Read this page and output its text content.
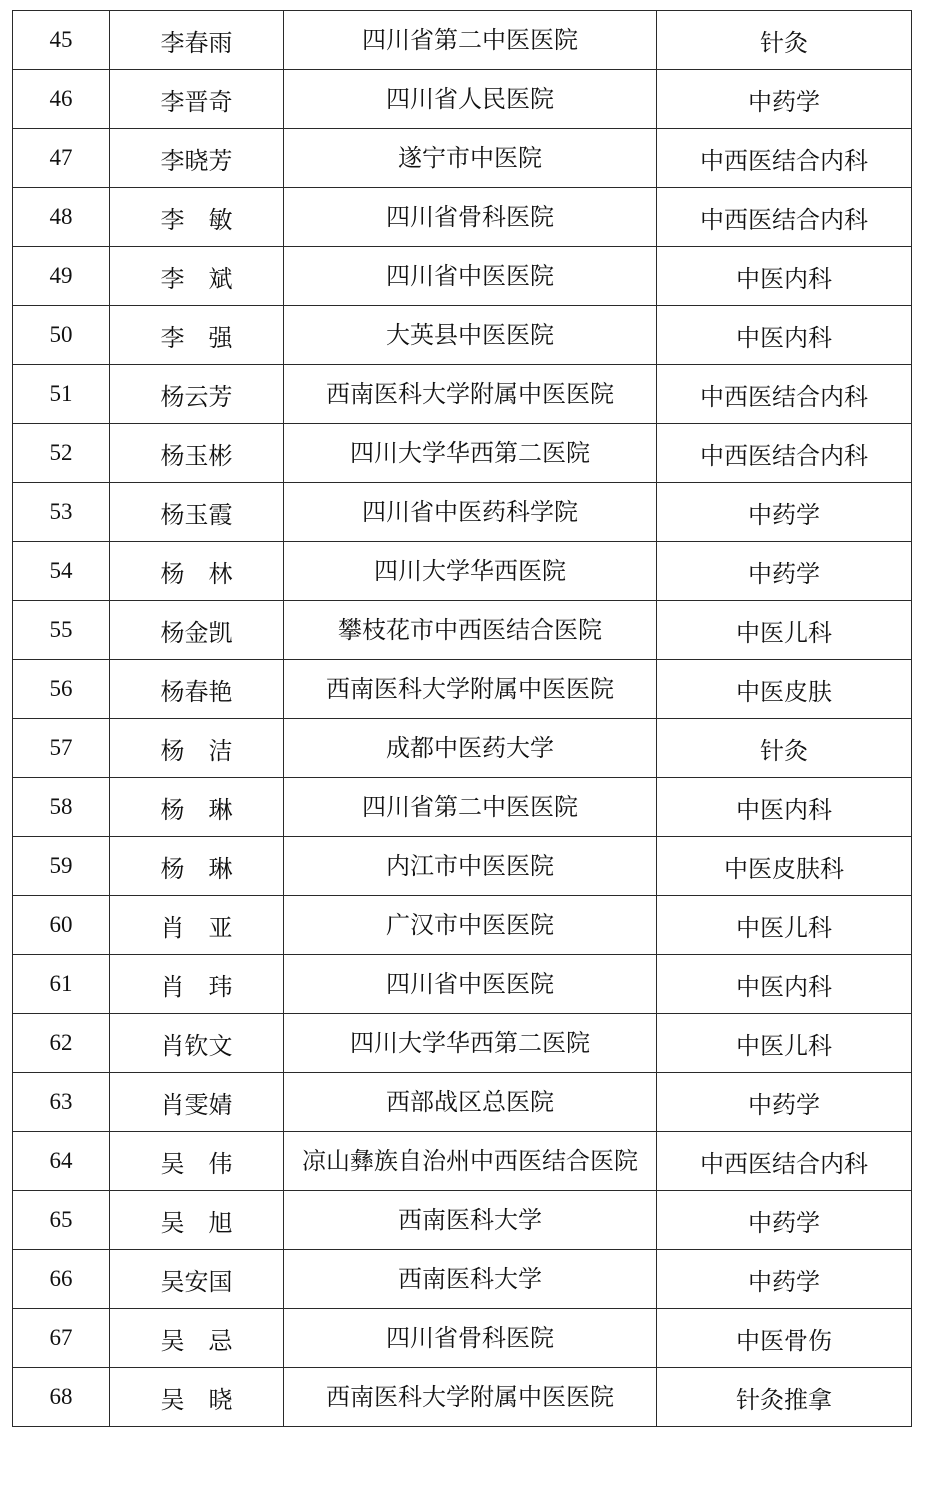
45	李春雨	四川省第二中医医院	针灸
46	李晋奇	四川省人民医院	中药学
47	李晓芳	遂宁市中医院	中西医结合内科
48	李　敏	四川省骨科医院	中西医结合内科
49	李　斌	四川省中医医院	中医内科
50	李　强	大英县中医医院	中医内科
51	杨云芳	西南医科大学附属中医医院	中西医结合内科
52	杨玉彬	四川大学华西第二医院	中西医结合内科
53	杨玉霞	四川省中医药科学院	中药学
54	杨　林	四川大学华西医院	中药学
55	杨金凯	攀枝花市中西医结合医院	中医儿科
56	杨春艳	西南医科大学附属中医医院	中医皮肤
57	杨　洁	成都中医药大学	针灸
58	杨　琳	四川省第二中医医院	中医内科
59	杨　琳	内江市中医医院	中医皮肤科
60	肖　亚	广汉市中医医院	中医儿科
61	肖　玮	四川省中医医院	中医内科
62	肖钦文	四川大学华西第二医院	中医儿科
63	肖雯婧	西部战区总医院	中药学
64	吴　伟	凉山彝族自治州中西医结合医院	中西医结合内科
65	吴　旭	西南医科大学	中药学
66	吴安国	西南医科大学	中药学
67	吴　忌	四川省骨科医院	中医骨伤
68	吴　晓	西南医科大学附属中医医院	针灸推拿
